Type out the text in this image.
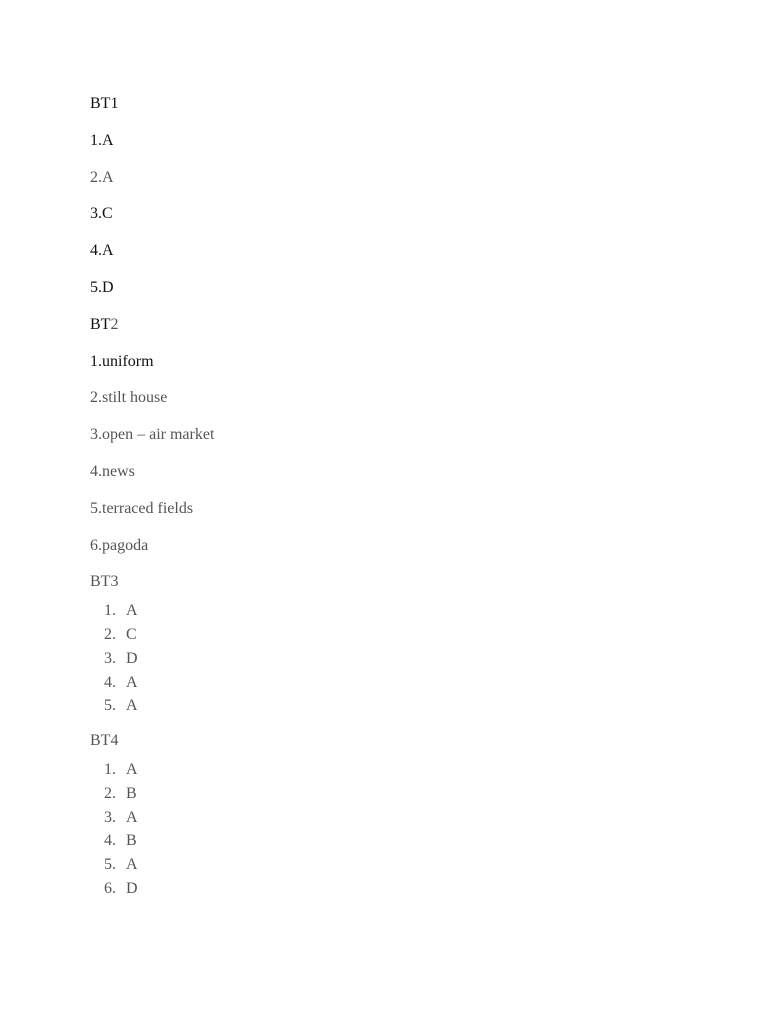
BT1
1.A
2.A
3.C
4.A
5.D
BT2
1.uniform
2.stilt house
3.open – air market
4.news
5.terraced fields
6.pagoda
BT3
1. A
2. C
3. D
4. A
5. A
BT4
1. A
2. B
3. A
4. B
5. A
6. D
